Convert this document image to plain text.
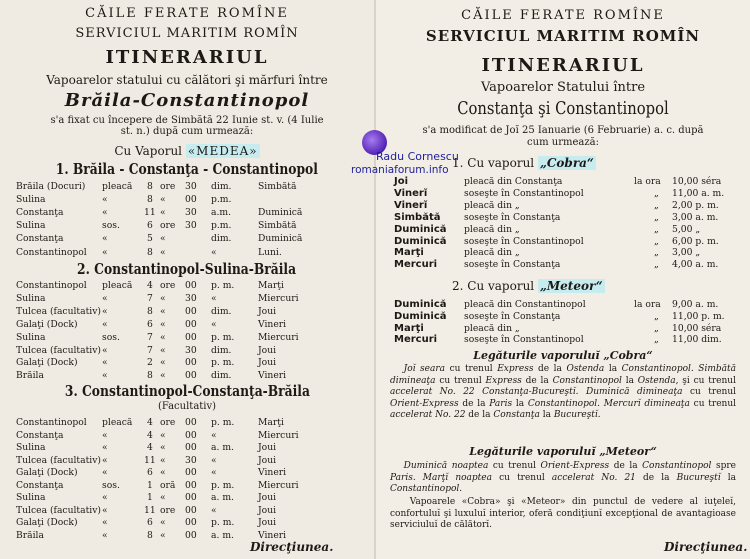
CĂILE FERATE ROMÎNE
SERVICIUL MARITIM ROMÎN
ITINERARIUL
Vapoarelor statului cu călători şi mărfuri între
Brăila-Constantinopol
s'a fixat cu începere de Simbătă 22 Iunie st. v. (4 Iulie
st. n.) după cum urmează:
Cu Vaporul «MEDEA»
1. Brăila - Constanţa - Constantinopol
Brăila (Docuri) pleacă 8 ore 30 dim.	Simbătă
Sulina	«	8 « 00 p.m.
Constanţa	«	11 « 30 a.m.	Duminică
Sulina	sos.	6 ore 30 p.m.	Simbătă
Constanţa	«	5 «	dim.	Duminică
Constantinopol «	8 «	«	Luni.
2. Constantinopol-Sulina-Brăila
Constantinopol pleacă 4 ore 00 p. m.	Marţi
Sulina	«	7 « 30 «	Miercuri
Tulcea (facultativ) «	8 « 00 dim.	Joui
Galaţi (Dock)	«	6 « 00 «	Vineri
Sulina	sos.	7 « 00 p. m.	Miercuri
Tulcea (facultativ) «	7 « 30 dim.	Joui
Galaţi (Dock)	«	2 « 00 p. m.	Joui
Brăila	«	8 « 00 dim.	Vineri
3. Constantinopol-Constanţa-Brăila
(Facultativ)
Constantinopol pleacă 4 ore 00 p. m.	Marţi
Constanţa	«	4 « 00 «	Miercuri
Sulina	«	4 « 00 a. m.	Joui
Tulcea (facultativ) «	11 « 30 «	Joui
Galaţi (Dock)	«	6 « 00 «	Vineri
Constanţa	sos.	1 oră 00 p. m.	Miercuri
Sulina	«	1 « 00 a. m.	Joui
Tulcea (facultativ) «	11 ore 00 «	Joui
Galaţi (Dock)	«	6 « 00 p. m.	Joui
Brăila	«	8 « 00 a. m.	Vineri
Direcţiunea.
CĂILE FERATE ROMÎNE
SERVICIUL MARITIM ROMÎN
ITINERARIUL
Vapoarelor Statului între
Constanţa şi Constantinopol
s'a modificat de Joĭ 25 Ianuarie (6 Februarie) a. c. după
cum urmează:
1. Cu vaporul „Cobra“
Joi	pleacă din Constanţa	la ora 10,00 séra
Vinerĭ	soseşte în Constantinopol	„ 11,00 a. m.
Vinerĭ	pleacă din „	„ 2,00 p. m.
Simbătă	soseşte în Constanţa	„ 3,00 a. m.
Duminică pleacă din „	„ 5,00 „
Duminică soseşte în Constantinopol	„ 6,00 p. m.
Marţi	pleacă din „	„ 3,00 „
Mercuri	soseşte în Constanţa	„ 4,00 a. m.
2. Cu vaporul „Meteor“
Duminică pleacă din Constantinopol	la ora 9,00 a. m.
Duminică soseşte în Constanţa	„ 11,00 p. m.
Marţi	pleacă din „	„ 10,00 séra
Mercuri	soseşte în Constantinopol	„ 11,00 dim.
Legăturile vaporuluĭ „Cobra“
Joĭ seara cu trenul Express de la Ostenda la Constantinopol. Simbătă dimineaţa cu trenul Express de la Constantinopol la Ostenda, şi cu trenul accelerat No. 22 Constanţa-Bucureştĭ. Duminică dimineaţa cu trenul Orient-Express de la Paris la Constantinopol. Mercurĭ dimineaţa cu trenul accelerat No. 22 de la Constanţa la Bucureştĭ.
Legăturile vaporuluĭ „Meteor“
Duminică noaptea cu trenul Orient-Express de la Constantinopol spre Paris. Marţĭ noaptea cu trenul accelerat No. 21 de la Bucureştĭ la Constantinopol.
Vapoarele «Cobra» şi «Meteor» din punctul de vedere al iuţeleĭ, confortuluĭ şi luxuluĭ interior, oferă condiţiunĭ excepţional de avantagioase serviciuluĭ de călătorĭ.
Direcţiunea.
Radu Cornescu
romaniaforum.info
